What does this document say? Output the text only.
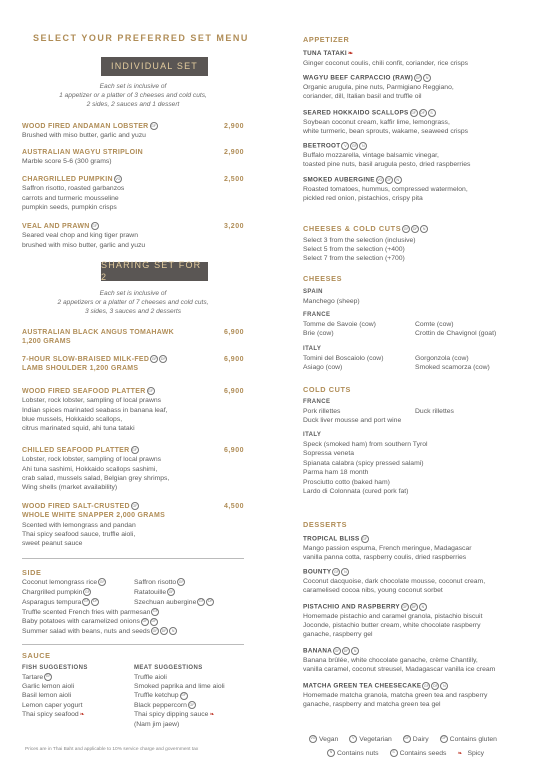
SELECT YOUR PREFERRED SET MENU
INDIVIDUAL SET
Each set is inclusive of
1 appetizer or a platter of 3 cheeses and cold cuts,
2 sides, 2 sauces and 1 dessert
WOOD FIRED ANDAMAN LOBSTER GF	2,900
Brushed with miso butter, garlic and yuzu
AUSTRALIAN WAGYU STRIPLOIN	2,900
Marble score 5-6 (300 grams)
CHARGRILLED PUMPKIN VG	2,500
Saffron risotto, roasted garbanzos
carrots and turmeric mousseline
pumpkin seeds, pumpkin crisps
VEAL AND PRAWN GF	3,200
Seared veal chop and king tiger prawn
brushed with miso butter, garlic and yuzu
SHARING SET FOR 2
Each set is inclusive of
2 appetizers or a platter of 7 cheeses and cold cuts,
3 sides, 3 sauces and 2 desserts
AUSTRALIAN BLACK ANGUS TOMAHAWK
1,200 GRAMS
6,900
7-HOUR SLOW-BRAISED MILK-FED GF DF
LAMB SHOULDER 1,200 GRAMS
6,900
WOOD FIRED SEAFOOD PLATTER GF	6,900
Lobster, rock lobster, sampling of local prawns
Indian spices marinated seabass in banana leaf,
blue mussels, Hokkaido scallops,
citrus marinated squid, ahi tuna tataki
CHILLED SEAFOOD PLATTER GF	6,900
Lobster, rock lobster, sampling of local prawns
Ahi tuna sashimi, Hokkaido scallops sashimi,
crab salad, mussels salad, Belgian grey shrimps,
Wing shells (market availability)
WOOD FIRED SALT-CRUSTED GF
WHOLE WHITE SNAPPER 2,000 GRAMS
4,500
Scented with lemongrass and pandan
Thai spicy seafood sauce, truffle aioli,
sweet peanut sauce
SIDE
Coconut lemongrass rice GF	Saffron risotto GF
Chargrilled pumpkin GF	Ratatouille GF
Asparagus tempura GF DF	Szechuan aubergine GF DF
Truffle scented French fries with parmesan GF
Baby potatoes with caramelized onions GF DF
Summer salad with beans, nuts and seeds GF DF N
SAUCE
FISH SUGGESTIONS
Tartare GF
Garlic lemon aioli
Basil lemon aioli
Lemon caper yogurt
Thai spicy seafood❧
MEAT SUGGESTIONS
Truffle aioli
Smoked paprika and lime aioli
Truffle ketchup GF
Black peppercorn GF
Thai spicy dipping sauce❧
(Nam jim jaew)
Prices are in Thai Baht and applicable to 10% service charge and government tax
APPETIZER
TUNA TATAKI❧
Ginger coconut coulis, chili confit, coriander, rice crisps
WAGYU BEEF CARPACCIO (RAW) GF N
Organic arugula, pine nuts, Parmigiano Reggiano,
coriander, dill, Italian basil and truffle oil
SEARED HOKKAIDO SCALLOPS GF DF S
Soybean coconut cream, kaffir lime, lemongrass,
white turmeric, bean sprouts, wakame, seaweed crisps
BEETROOT V GF N
Buffalo mozzarella, vintage balsamic vinegar,
toasted pine nuts, basil arugula pesto, dried raspberries
SMOKED AUBERGINE VG GF N
Roasted tomatoes, hummus, compressed watermelon,
pickled red onion, pistachios, crispy pita
CHEESES & COLD CUTS GF DF N
Select 3 from the selection (inclusive)
Select 5 from the selection (+400)
Select 7 from the selection (+700)
CHEESES
SPAIN
Manchego (sheep)
FRANCE
Tomme de Savoie (cow)	Comte (cow)
Brie (cow)	Crottin de Chavignol (goat)
ITALY
Tomini del Boscaiolo (cow)	Gorgonzola (cow)
Asiago (cow)	Smoked scamorza (cow)
COLD CUTS
FRANCE
Pork rillettes	Duck rillettes
Duck liver mousse and port wine
ITALY
Speck (smoked ham) from southern Tyrol
Sopressa veneta
Spianata calabra (spicy pressed salami)
Parma ham 18 month
Prosciutto cotto (baked ham)
Lardo di Colonnata (cured pork fat)
DESSERTS
TROPICAL BLISS GF
Mango passion espuma, French meringue, Madagascar
vanilla panna cotta, raspberry coulis, dried raspberries
BOUNTY GF N
Coconut dacquoise, dark chocolate mousse, coconut cream,
caramelised cocoa nibs, young coconut sorbet
PISTACHIO AND RASPBERRY GF DF N
Homemade pistachio and caramel granola, pistachio biscuit
Joconde, pistachio butter cream, white chocolate raspberry
ganache, raspberry gel
BANANA GF DF N
Banana brûlée, white chocolate ganache, crème Chantilly,
vanilla caramel, coconut streusel, Madagascar vanilla ice cream
MATCHA GREEN TEA CHEESECAKE GF DF N
Homemade matcha granola, matcha green tea and raspberry
ganache, raspberry and matcha green tea gel
VG Vegan	V Vegetarian	DF Dairy	GF Contains gluten
N Contains nuts	S Contains seeds ❧ Spicy
